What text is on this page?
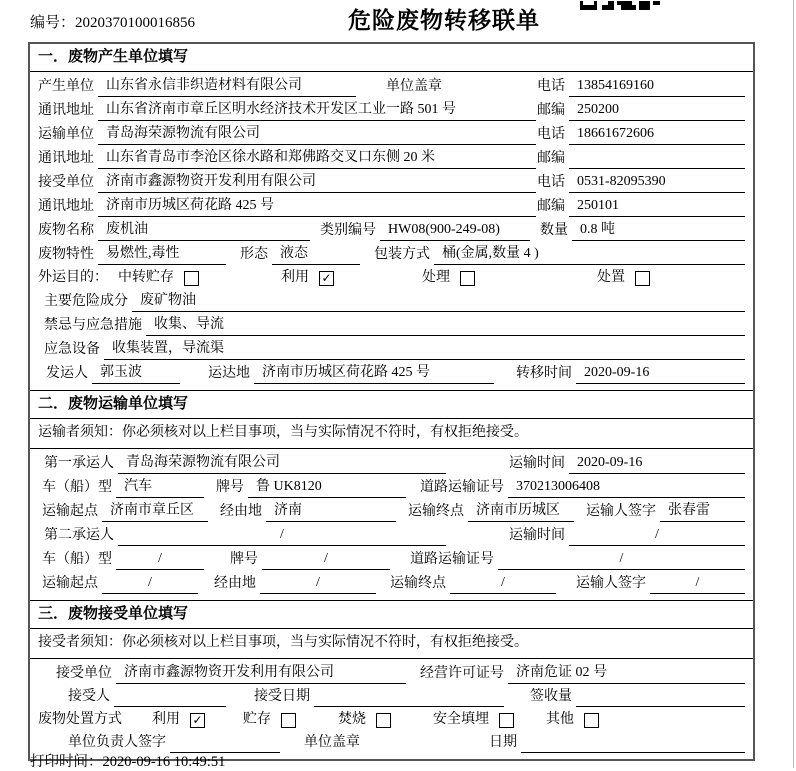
编号：2020370100016856	危险废物转移联单
一．废物产生单位填写
产生单位 山东省永信非织造材料有限公司	单位盖章	电话 13854169160
通讯地址 山东省济南市章丘区明水经济技术开发区工业一路 501 号	邮编 250200
运输单位 青岛海荣源物流有限公司	电话 18661672606
通讯地址 山东省青岛市李沧区徐水路和郑佛路交叉口东侧 20 米	邮编
接受单位 济南市鑫源物资开发利用有限公司	电话 0531-82095390
通讯地址 济南市历城区荷花路 425 号	邮编 250101
废物名称 废机油	类别编号 HW08(900-249-08)	数量 0.8 吨
废物特性 易燃性,毒性	形态 液态	包装方式 桶(金属,数量 4 )
外运目的： 中转贮存	利用	✓	处理	处置
主要危险成分 废矿物油
禁忌与应急措施 收集、导流
应急设备 收集装置，导流渠
发运人 郭玉波	运达地 济南市历城区荷花路 425 号	转移时间 2020-09-16
二．废物运输单位填写
运输者须知：你必须核对以上栏目事项，当与实际情况不符时，有权拒绝接受。
第一承运人 青岛海荣源物流有限公司	运输时间 2020-09-16
车（船）型 汽车	牌号 鲁 UK8120	道路运输证号 370213006408
运输起点 济南市章丘区	经由地 济南	运输终点 济南市历城区	运输人签字 张春雷
第二承运人	/	运输时间	/
车（船）型	/	牌号	/	道路运输证号	/
运输起点	/	经由地	/	运输终点	/	运输人签字	/
三．废物接受单位填写
接受者须知：你必须核对以上栏目事项，当与实际情况不符时，有权拒绝接受。
接受单位 济南市鑫源物资开发利用有限公司	经营许可证号 济南危证 02 号
接受人	接受日期	签收量
废物处置方式 利用	✓	贮存	焚烧	安全填埋	其他
单位负责人签字	单位盖章	日期
打印时间：2020-09-16 10:49:51
